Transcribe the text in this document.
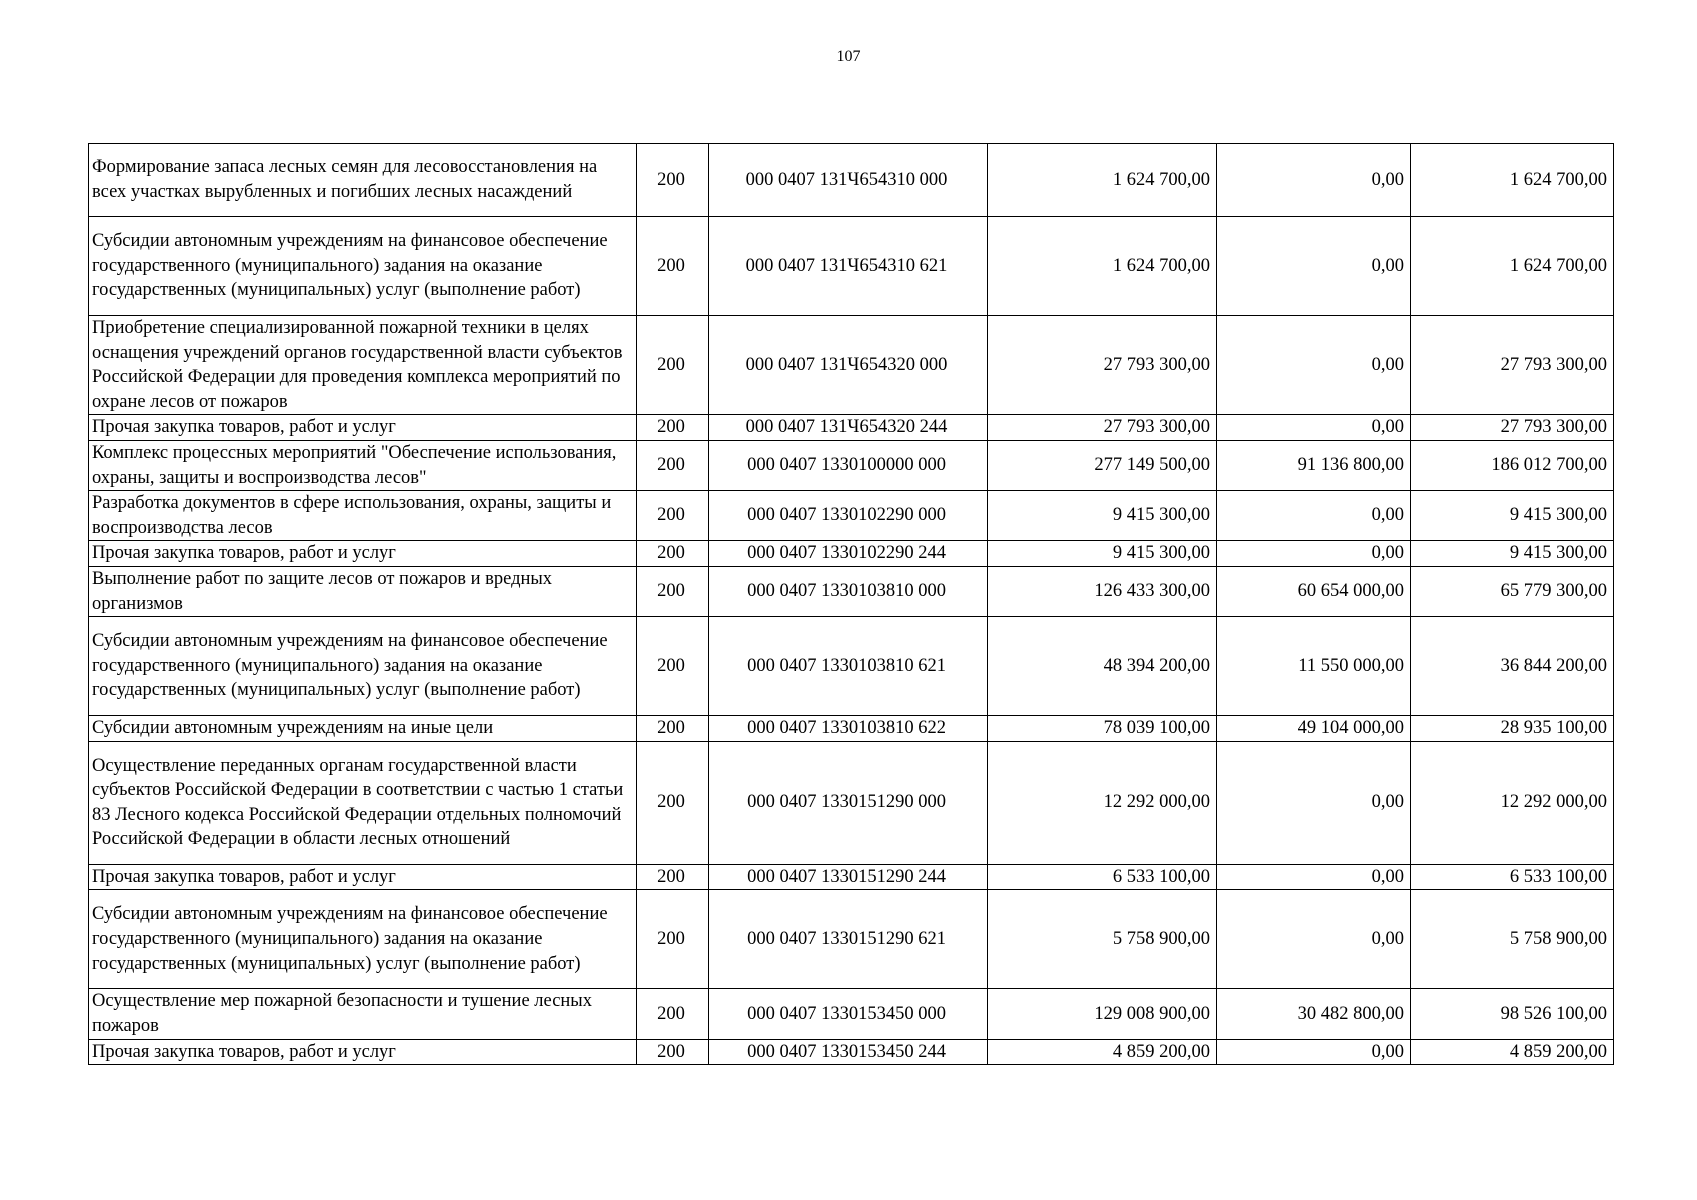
107
Формирование запаса лесных семян для лесовосстановления на всех участках вырубленных и погибших лесных насаждений	200	000 0407 131Ч654310 000	1 624 700,00	0,00	1 624 700,00
Субсидии автономным учреждениям на финансовое обеспечение государственного (муниципального) задания на оказание государственных (муниципальных) услуг (выполнение работ)	200	000 0407 131Ч654310 621	1 624 700,00	0,00	1 624 700,00
Приобретение специализированной пожарной техники в целях оснащения учреждений органов государственной власти субъектов Российской Федерации для проведения комплекса мероприятий по охране лесов от пожаров	200	000 0407 131Ч654320 000	27 793 300,00	0,00	27 793 300,00
Прочая закупка товаров, работ и услуг	200	000 0407 131Ч654320 244	27 793 300,00	0,00	27 793 300,00
Комплекс процессных мероприятий "Обеспечение использования, охраны, защиты и воспроизводства лесов"	200	000 0407 1330100000 000	277 149 500,00	91 136 800,00	186 012 700,00
Разработка документов в сфере использования, охраны, защиты и воспроизводства лесов	200	000 0407 1330102290 000	9 415 300,00	0,00	9 415 300,00
Прочая закупка товаров, работ и услуг	200	000 0407 1330102290 244	9 415 300,00	0,00	9 415 300,00
Выполнение работ по защите лесов от пожаров и вредных организмов	200	000 0407 1330103810 000	126 433 300,00	60 654 000,00	65 779 300,00
Субсидии автономным учреждениям на финансовое обеспечение государственного (муниципального) задания на оказание государственных (муниципальных) услуг (выполнение работ)	200	000 0407 1330103810 621	48 394 200,00	11 550 000,00	36 844 200,00
Субсидии автономным учреждениям на иные цели	200	000 0407 1330103810 622	78 039 100,00	49 104 000,00	28 935 100,00
Осуществление переданных органам государственной власти субъектов Российской Федерации в соответствии с частью 1 статьи 83 Лесного кодекса Российской Федерации отдельных полномочий Российской Федерации в области лесных отношений	200	000 0407 1330151290 000	12 292 000,00	0,00	12 292 000,00
Прочая закупка товаров, работ и услуг	200	000 0407 1330151290 244	6 533 100,00	0,00	6 533 100,00
Субсидии автономным учреждениям на финансовое обеспечение государственного (муниципального) задания на оказание государственных (муниципальных) услуг (выполнение работ)	200	000 0407 1330151290 621	5 758 900,00	0,00	5 758 900,00
Осуществление мер пожарной безопасности и тушение лесных пожаров	200	000 0407 1330153450 000	129 008 900,00	30 482 800,00	98 526 100,00
Прочая закупка товаров, работ и услуг	200	000 0407 1330153450 244	4 859 200,00	0,00	4 859 200,00
